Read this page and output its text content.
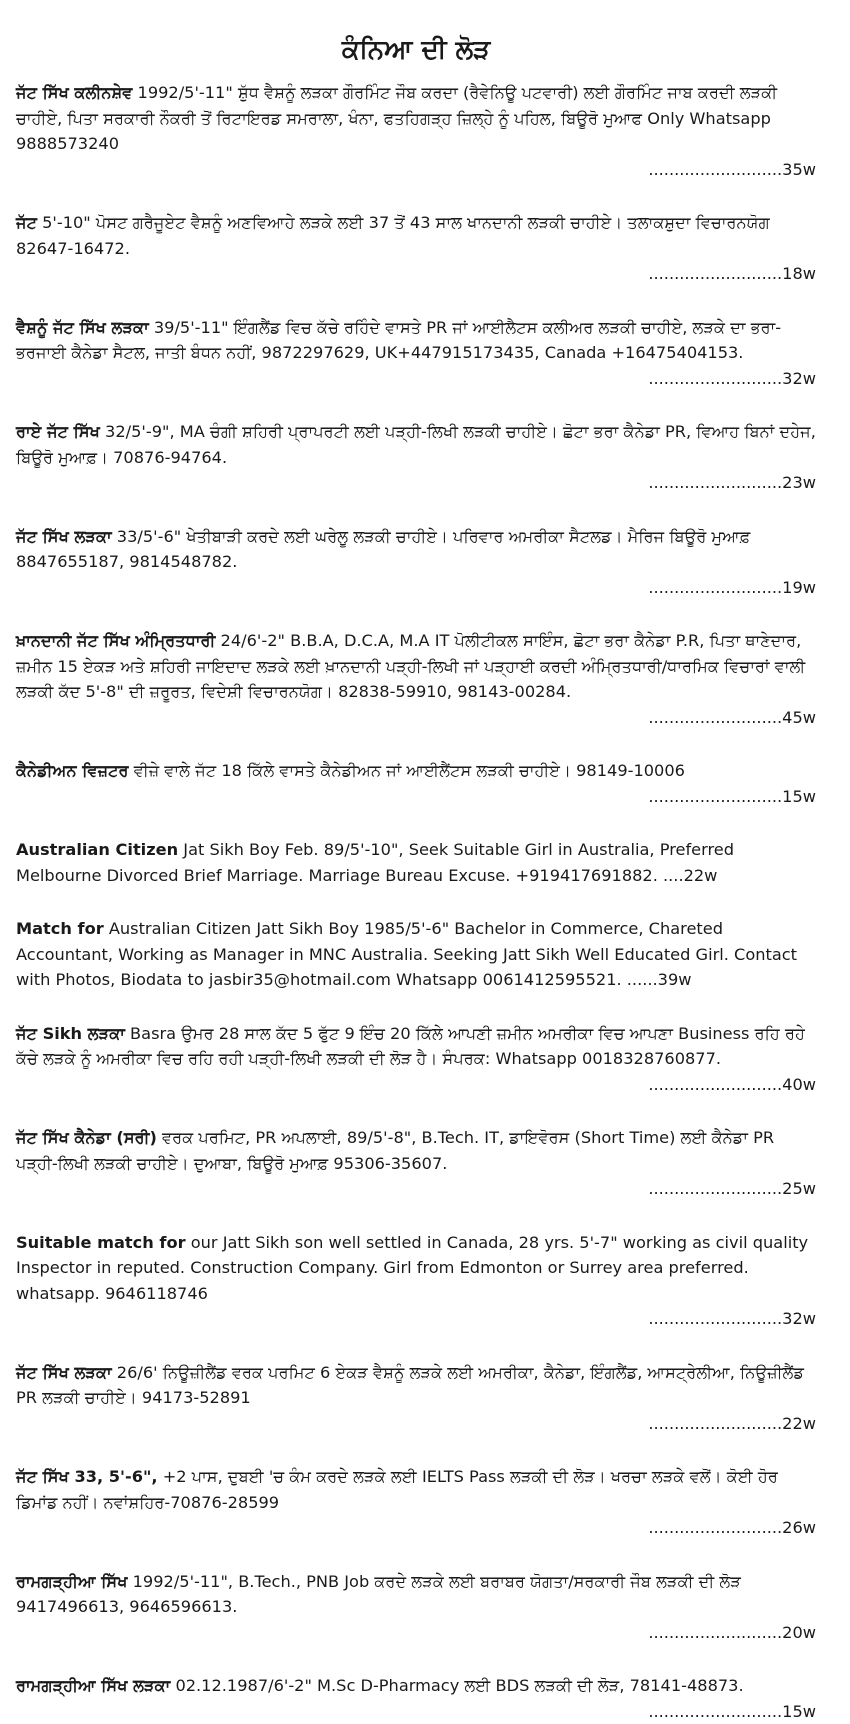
ਕੰਨਿਆ ਦੀ ਲੋੜ

ਜੱਟ ਸਿੱਖ ਕਲੀਨਸ਼ੇਵ 1992/5'-11" ਸ਼ੁੱਧ ਵੈਸ਼ਨੂੰ ਲੜਕਾ ਗੌਰਮਿੰਟ ਜੌਬ ਕਰਦਾ (ਰੈਵੇਨਿਊ ਪਟਵਾਰੀ) ਲਈ ਗੌਰਮਿੰਟ ਜਾਬ ਕਰਦੀ ਲੜਕੀ ਚਾਹੀਏ, ਪਿਤਾ ਸਰਕਾਰੀ ਨੌਕਰੀ ਤੋਂ ਰਿਟਾਇਰਡ ਸਮਰਾਲਾ, ਖੰਨਾ, ਫਤਹਿਗੜ੍ਹ ਜ਼ਿਲ੍ਹੇ ਨੂੰ ਪਹਿਲ, ਬਿਊਰੋ ਮੁਆਫ Only Whatsapp 9888573240
..........................35w

ਜੱਟ 5'-10" ਪੋਸਟ ਗਰੈਜੂਏਟ ਵੈਸ਼ਨੂੰ ਅਣਵਿਆਹੇ ਲੜਕੇ ਲਈ 37 ਤੋਂ 43 ਸਾਲ ਖਾਨਦਾਨੀ ਲੜਕੀ ਚਾਹੀਏ। ਤਲਾਕਸ਼ੁਦਾ ਵਿਚਾਰਨਯੋਗ 82647-16472.
..........................18w

ਵੈਸ਼ਨੂੰ ਜੱਟ ਸਿੱਖ ਲੜਕਾ 39/5'-11" ਇੰਗਲੈਂਡ ਵਿਚ ਕੱਚੇ ਰਹਿੰਦੇ ਵਾਸਤੇ PR ਜਾਂ ਆਈਲੈਟਸ ਕਲੀਅਰ ਲੜਕੀ ਚਾਹੀਏ, ਲੜਕੇ ਦਾ ਭਰਾ-ਭਰਜਾਈ ਕੈਨੇਡਾ ਸੈਟਲ, ਜਾਤੀ ਬੰਧਨ ਨਹੀਂ, 9872297629, UK+447915173435, Canada +16475404153.
..........................32w

ਰਾਏ ਜੱਟ ਸਿੱਖ 32/5'-9", MA ਚੰਗੀ ਸ਼ਹਿਰੀ ਪ੍ਰਾਪਰਟੀ ਲਈ ਪੜ੍ਹੀ-ਲਿਖੀ ਲੜਕੀ ਚਾਹੀਏ। ਛੋਟਾ ਭਰਾ ਕੈਨੇਡਾ PR, ਵਿਆਹ ਬਿਨਾਂ ਦਹੇਜ, ਬਿਊਰੋ ਮੁਆਫ਼। 70876-94764.
..........................23w

ਜੱਟ ਸਿੱਖ ਲੜਕਾ 33/5'-6" ਖੇਤੀਬਾੜੀ ਕਰਦੇ ਲਈ ਘਰੇਲੂ ਲੜਕੀ ਚਾਹੀਏ। ਪਰਿਵਾਰ ਅਮਰੀਕਾ ਸੈਟਲਡ। ਮੈਰਿਜ ਬਿਊਰੋ ਮੁਆਫ਼ 8847655187, 9814548782.
..........................19w

ਖ਼ਾਨਦਾਨੀ ਜੱਟ ਸਿੱਖ ਅੰਮ੍ਰਿਤਧਾਰੀ 24/6'-2" B.B.A, D.C.A, M.A IT ਪੋਲੀਟੀਕਲ ਸਾਇੰਸ, ਛੋਟਾ ਭਰਾ ਕੈਨੇਡਾ P.R, ਪਿਤਾ ਥਾਣੇਦਾਰ, ਜ਼ਮੀਨ 15 ਏਕੜ ਅਤੇ ਸ਼ਹਿਰੀ ਜਾਇਦਾਦ ਲੜਕੇ ਲਈ ਖ਼ਾਨਦਾਨੀ ਪੜ੍ਹੀ-ਲਿਖੀ ਜਾਂ ਪੜ੍ਹਾਈ ਕਰਦੀ ਅੰਮ੍ਰਿਤਧਾਰੀ/ਧਾਰਮਿਕ ਵਿਚਾਰਾਂ ਵਾਲੀ ਲੜਕੀ ਕੱਦ 5'-8" ਦੀ ਜ਼ਰੂਰਤ, ਵਿਦੇਸ਼ੀ ਵਿਚਾਰਨਯੋਗ। 82838-59910, 98143-00284.
..........................45w

ਕੈਨੇਡੀਅਨ ਵਿਜ਼ਟਰ ਵੀਜ਼ੇ ਵਾਲੇ ਜੱਟ 18 ਕਿੱਲੇ ਵਾਸਤੇ ਕੈਨੇਡੀਅਨ ਜਾਂ ਆਈਲੈਂਟਸ ਲੜਕੀ ਚਾਹੀਏ। 98149-10006
..........................15w

Australian Citizen Jat Sikh Boy Feb. 89/5'-10", Seek Suitable Girl in Australia, Preferred Melbourne Divorced Brief Marriage. Marriage Bureau Excuse. +919417691882. ....22w

Match for Australian Citizen Jatt Sikh Boy 1985/5'-6" Bachelor in Commerce, Chareted Accountant, Working as Manager in MNC Australia. Seeking Jatt Sikh Well Educated Girl. Contact with Photos, Biodata to jasbir35@hotmail.com Whatsapp 0061412595521. ......39w

ਜੱਟ Sikh ਲੜਕਾ Basra ਉਮਰ 28 ਸਾਲ ਕੱਦ 5 ਫੁੱਟ 9 ਇੰਚ 20 ਕਿੱਲੇ ਆਪਣੀ ਜ਼ਮੀਨ ਅਮਰੀਕਾ ਵਿਚ ਆਪਣਾ Business ਰਹਿ ਰਹੇ ਕੱਚੇ ਲੜਕੇ ਨੂੰ ਅਮਰੀਕਾ ਵਿਚ ਰਹਿ ਰਹੀ ਪੜ੍ਹੀ-ਲਿਖੀ ਲੜਕੀ ਦੀ ਲੋੜ ਹੈ। ਸੰਪਰਕ: Whatsapp 0018328760877.
..........................40w

ਜੱਟ ਸਿੱਖ ਕੈਨੇਡਾ (ਸਰੀ) ਵਰਕ ਪਰਮਿਟ, PR ਅਪਲਾਈ, 89/5'-8", B.Tech. IT, ਡਾਇਵੋਰਸ (Short Time) ਲਈ ਕੈਨੇਡਾ PR ਪੜ੍ਹੀ-ਲਿਖੀ ਲੜਕੀ ਚਾਹੀਏ। ਦੁਆਬਾ, ਬਿਊਰੋ ਮੁਆਫ਼ 95306-35607.
..........................25w

Suitable match for our Jatt Sikh son well settled in Canada, 28 yrs. 5'-7" working as civil quality Inspector in reputed. Construction Company. Girl from Edmonton or Surrey area preferred. whatsapp. 9646118746
..........................32w

ਜੱਟ ਸਿੱਖ ਲੜਕਾ 26/6' ਨਿਊਜ਼ੀਲੈਂਡ ਵਰਕ ਪਰਮਿਟ 6 ਏਕੜ ਵੈਸ਼ਨੂੰ ਲੜਕੇ ਲਈ ਅਮਰੀਕਾ, ਕੈਨੇਡਾ, ਇੰਗਲੈਂਡ, ਆਸਟ੍ਰੇਲੀਆ, ਨਿਊਜ਼ੀਲੈਂਡ PR ਲੜਕੀ ਚਾਹੀਏ। 94173-52891
..........................22w

ਜੱਟ ਸਿੱਖ 33, 5'-6", +2 ਪਾਸ, ਦੁਬਈ 'ਚ ਕੰਮ ਕਰਦੇ ਲੜਕੇ ਲਈ IELTS Pass ਲੜਕੀ ਦੀ ਲੋੜ। ਖਰਚਾ ਲੜਕੇ ਵਲੋਂ। ਕੋਈ ਹੋਰ ਡਿਮਾਂਡ ਨਹੀਂ। ਨਵਾਂਸ਼ਹਿਰ-70876-28599
..........................26w

ਰਾਮਗੜ੍ਹੀਆ ਸਿੱਖ 1992/5'-11", B.Tech., PNB Job ਕਰਦੇ ਲੜਕੇ ਲਈ ਬਰਾਬਰ ਯੋਗਤਾ/ਸਰਕਾਰੀ ਜੌਬ ਲੜਕੀ ਦੀ ਲੋੜ 9417496613, 9646596613.
..........................20w

ਰਾਮਗੜ੍ਹੀਆ ਸਿੱਖ ਲੜਕਾ 02.12.1987/6'-2" M.Sc D-Pharmacy ਲਈ BDS ਲੜਕੀ ਦੀ ਲੋੜ, 78141-48873.
..........................15w
